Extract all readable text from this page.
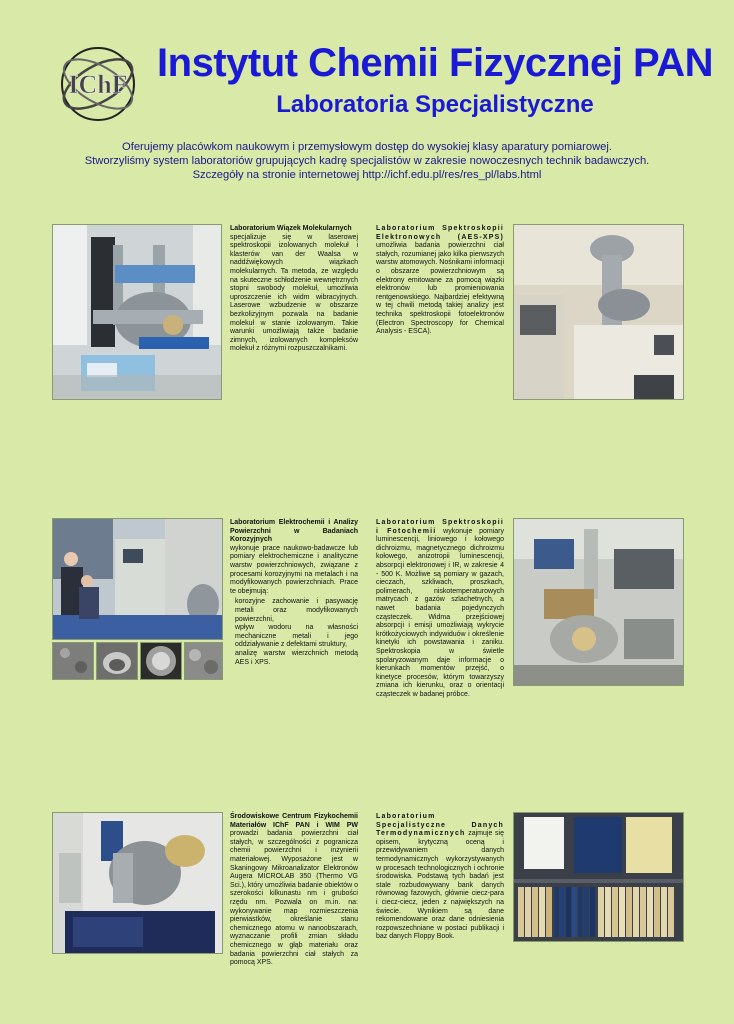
IChF Instytut Chemii Fizycznej PAN
Laboratoria Specjalistyczne
Oferujemy placówkom naukowym i przemysłowym dostęp do wysokiej klasy aparatury pomiarowej.
Stworzyliśmy system laboratoriów grupujących kadrę specjalistów w zakresie nowoczesnych technik badawczych.
Szczegóły na stronie internetowej http://ichf.edu.pl/res/res_pl/labs.html
Laboratorium Wiązek Molekularnych
specjalizuje się w laserowej spektroskopii izolowanych molekuł i klasterów van der Waalsa w naddźwiękowych wiązkach molekularnych. Ta metoda, ze względu na skuteczne schłodzenie wewnętrznych stopni swobody molekuł, umożliwia uproszczenie ich widm wibracyjnych. Laserowe wzbudzenie w obszarze bezkolizyjnym pozwala na badanie molekuł w stanie izolowanym. Takie warunki umożliwiają także badanie zimnych, izolowanych kompleksów molekuł z różnymi rozpuszczalnikami.
Laboratorium Spektroskopii Elektronowych (AES-XPS) umożliwia badania powierzchni ciał stałych, rozumianej jako kilka pierwszych warstw atomowych. Nośnikami informacji o obszarze powierzchniowym są elektrony emitowane za pomocą wiązki elektronów lub promieniowania rentgenowskiego. Najbardziej efektywną w tej chwili metodą takiej analizy jest technika spektroskopii fotoelektronów (Electron Spectroscopy for Chemical Analysis - ESCA).
Laboratorium Elektrochemii i Analizy Powierzchni w Badaniach Korozyjnych
wykonuje prace naukowo-badawcze lub pomiary elektrochemiczne i analityczne warstw powierzchniowych, związane z procesami korozyjnymi na metalach i na modyfikowanych powierzchniach. Prace te obejmują:
korozyjne zachowanie i pasywację metali oraz modyfikowanych powierzchni,
wpływ wodoru na własności mechaniczne metali i jego oddziaływanie z defektami struktury,
analizę warstw wierzchnich metodą AES i XPS.
Laboratorium Spektroskopii i Fotochemii wykonuje pomiary luminescencji, liniowego i kołowego dichroizmu, magnetycznego dichroizmu kołowego, anizotropii luminescencji, absorpcji elektronowej i IR, w zakresie 4 - 500 K. Możliwe są pomiary w gazach, cieczach, szkliwach, proszkach, polimerach, niskotemperaturowych matrycach z gazów szlachetnych, a nawet badania pojedynczych cząsteczek. Widma przejściowej absorpcji i emisji umożliwiają wykrycie krótkożyciowych indywiduów i określenie kinetyki ich powstawania i zaniku. Spektroskopia w świetle spolaryzowanym daje informacje o kierunkach momentów przejść, o kinetyce procesów, którym towarzyszy zmiana ich kierunku, oraz o orientacji cząsteczek w badanej próbce.
Środowiskowe Centrum Fizykochemii Materiałów IChF PAN i WIM PW prowadzi badania powierzchni ciał stałych, w szczególności z pogranicza chemii powierzchni i inżynierii materiałowej. Wyposażone jest w Skaningowy Mikroanalizator Elektronów Augera MICROLAB 350 (Thermo VG Sci.), który umożliwia badanie obiektów o szerokości kilkunastu nm i grubości rzędu nm. Pozwala on m.in. na: wykonywanie map rozmieszczenia pierwiastków, określanie stanu chemicznego atomu w nanoobszarach, wyznaczanie profili zmian składu chemicznego w głąb materiału oraz badania powierzchni ciał stałych za pomocą XPS.
Laboratorium Specjalistyczne Danych Termodynamicznych zajmuje się opisem, krytyczną oceną i przewidywaniem danych termodynamicznych wykorzystywanych w procesach technologicznych i ochronie środowiska. Podstawą tych badań jest stale rozbudowywany bank danych równowag fazowych, głównie ciecz-para i ciecz-ciecz, jeden z największych na świecie. Wynikiem są dane rekomendowane oraz dane odniesienia rozpowszechniane w postaci publikacji i baz danych Floppy Book.
